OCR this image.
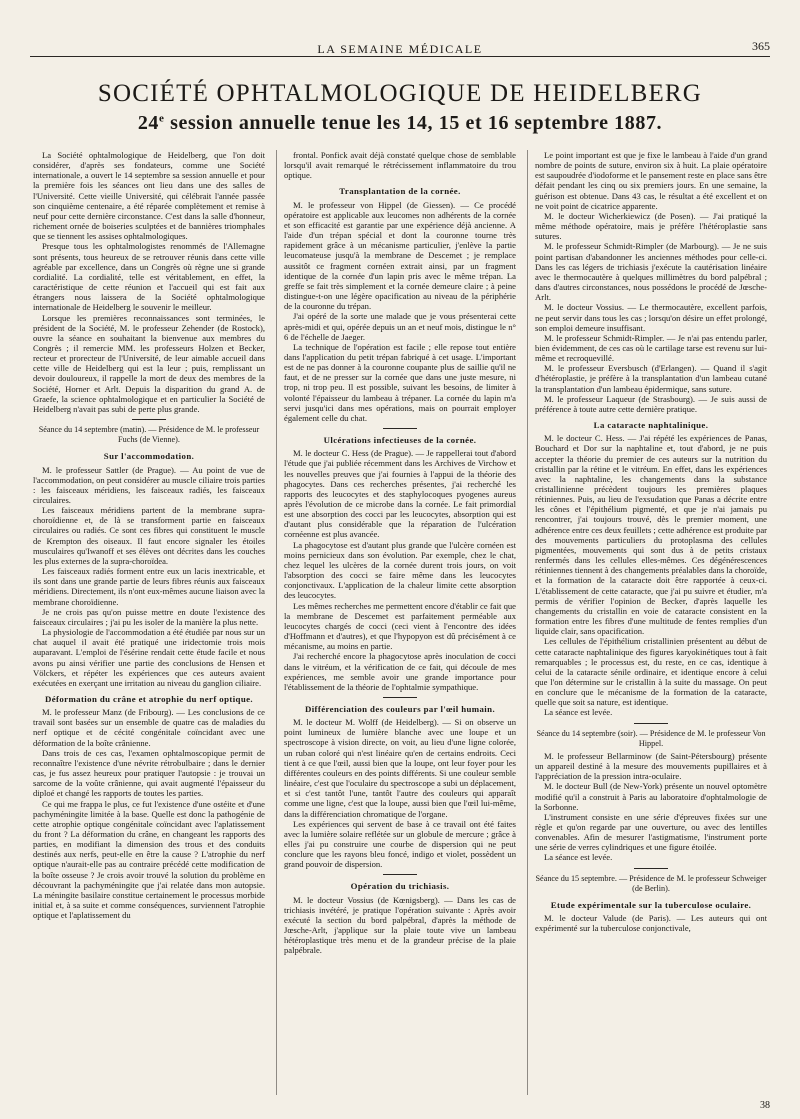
LA SEMAINE MÉDICALE	365
SOCIÉTÉ OPHTALMOLOGIQUE DE HEIDELBERG
24e session annuelle tenue les 14, 15 et 16 septembre 1887.

La Société ophtalmologique de Heidelberg, que l'on doit considérer, d'après ses fondateurs, comme une Société internationale, a ouvert le 14 septembre sa session annuelle et pour la première fois les séances ont lieu dans une des salles de l'Université. Cette vieille Université, qui célébrait l'année passée son cinquième centenaire, a été réparée complètement et remise à neuf pour cette dernière circonstance. C'est dans la salle d'honneur, richement ornée de boiseries sculptées et de bannières triomphales que se tiennent les assises ophtalmologiques.

Presque tous les ophtalmologistes renommés de l'Allemagne sont présents, tous heureux de se retrouver réunis dans cette ville agréable par excellence, dans un Congrès où règne une si grande cordialité. La cordialité, telle est véritablement, en effet, la caractéristique de cette réunion et l'accueil qui est fait aux étrangers nous laissera de la Société ophtalmologique internationale de Heidelberg le souvenir le meilleur.

Lorsque les premières reconnaissances sont terminées, le président de la Société, M. le professeur Zehender (de Rostock), ouvre la séance en souhaitant la bienvenue aux membres du Congrès ; il remercie MM. les professeurs Holzen et Becker, recteur et prorecteur de l'Université, de leur aimable accueil dans cette ville de Heidelberg qui est la leur ; puis, remplissant un devoir douloureux, il rappelle la mort de deux des membres de la Société, Horner et Arlt. Depuis la disparition du grand A. de Graefe, la science ophtalmologique et en particulier la Société de Heidelberg n'avait pas subi de perte plus grande.

Séance du 14 septembre (matin). — Présidence de M. le professeur Fuchs (de Vienne).

Sur l'accommodation.

M. le professeur Sattler (de Prague). — Au point de vue de l'accommodation, on peut considérer au muscle ciliaire trois parties : les faisceaux méridiens, les faisceaux radiés, les faisceaux circulaires.

Les faisceaux méridiens partent de la membrane supra-choroïdienne et, de là se transforment partie en faisceaux circulaires ou radiés. Ce sont ces fibres qui constituent le muscle de Krempton des oiseaux. Il faut encore signaler les étoiles musculaires qu'Iwanoff et ses élèves ont décrites dans les couches les plus externes de la supra-choroïdea.

Les faisceaux radiés forment entre eux un lacis inextricable, et ils sont dans une grande partie de leurs fibres réunis aux faisceaux méridiens. Directement, ils n'ont eux-mêmes aucune liaison avec la membrane choroïdienne.

Je ne crois pas qu'on puisse mettre en doute l'existence des faisceaux circulaires ; j'ai pu les isoler de la manière la plus nette.

La physiologie de l'accommodation a été étudiée par nous sur un chat auquel il avait été pratiqué une iridectomie trois mois auparavant. L'emploi de l'ésérine rendait cette étude facile et nous avons pu ainsi vérifier une partie des conclusions de Hensen et Völckers, et répéter les expériences que ces auteurs avaient exécutées en exerçant une irritation au niveau du ganglion ciliaire.

Déformation du crâne et atrophie du nerf optique.

M. le professeur Manz (de Fribourg). — Les conclusions de ce travail sont basées sur un ensemble de quatre cas de maladies du nerf optique et de cécité congénitale coïncidant avec une déformation de la boîte crânienne.

Dans trois de ces cas, l'examen ophtalmoscopique permit de reconnaître l'existence d'une névrite rétrobulbaire ; dans le dernier cas, je fus assez heureux pour pratiquer l'autopsie : je trouvai un sarcome de la voûte crânienne, qui avait augmenté l'épaisseur du diploé et changé les rapports de toutes les parties.

Ce qui me frappa le plus, ce fut l'existence d'une ostéite et d'une pachyméningite limitée à la base. Quelle est donc la pathogénie de cette atrophie optique congénitale coïncidant avec l'aplatissement du front ? La déformation du crâne, en changeant les rapports des parties, en modifiant la dimension des trous et des conduits destinés aux nerfs, peut-elle en être la cause ? L'atrophie du nerf optique n'aurait-elle pas au contraire précédé cette modification de la boîte osseuse ? Je crois avoir trouvé la solution du problème en découvrant la pachyméningite que j'ai relatée dans mon autopsie. La méningite basilaire constitue certainement le processus morbide initial et, à sa suite et comme conséquences, surviennent l'atrophie optique et l'aplatissement du

frontal. Ponfick avait déjà constaté quelque chose de semblable lorsqu'il avait remarqué le rétrécissement inflammatoire du trou optique.

Transplantation de la cornée.

M. le professeur von Hippel (de Giessen). — Ce procédé opératoire est applicable aux leucomes non adhérents de la cornée et son efficacité est garantie par une expérience déjà ancienne. A l'aide d'un trépan spécial et dont la couronne tourne très rapidement grâce à un mécanisme particulier, j'enlève la partie leucomateuse jusqu'à la membrane de Descemet ; je remplace aussitôt ce fragment cornéen extrait ainsi, par un fragment identique de la cornée d'un lapin pris avec le même trépan. La greffe se fait très simplement et la cornée demeure claire ; à peine distingue-t-on une légère opacification au niveau de la périphérie de la couronne du trépan.

J'ai opéré de la sorte une malade que je vous présenterai cette après-midi et qui, opérée depuis un an et neuf mois, distingue le n° 6 de l'échelle de Jaeger.

La technique de l'opération est facile ; elle repose tout entière dans l'application du petit trépan fabriqué à cet usage. L'important est de ne pas donner à la couronne coupante plus de saillie qu'il ne faut, et de ne presser sur la cornée que dans une juste mesure, ni trop, ni trop peu. Il est possible, suivant les besoins, de limiter à volonté l'épaisseur du lambeau à trépaner. La cornée du lapin m'a servi jusqu'ici dans mes opérations, mais on pourrait employer également celle du chat.

Ulcérations infectieuses de la cornée.

M. le docteur C. Hess (de Prague). — Je rappellerai tout d'abord l'étude que j'ai publiée récemment dans les Archives de Virchow et les nouvelles preuves que j'ai fournies à l'appui de la théorie des phagocytes. Dans ces recherches présentes, j'ai recherché les rapports des leucocytes et des staphylocoques pyogenes aureus après l'évolution de ce microbe dans la cornée. Le fait primordial est une absorption des cocci par les leucocytes, absorption qui est d'autant plus considérable que la réparation de l'ulcération cornéenne est plus avancée.

La phagocytose est d'autant plus grande que l'ulcère cornéen est moins pernicieux dans son évolution. Par exemple, chez le chat, chez lequel les ulcères de la cornée durent trois jours, on voit l'absorption des cocci se faire même dans les leucocytes conjonctivaux. L'application de la chaleur limite cette absorption des leucocytes.

Les mêmes recherches me permettent encore d'établir ce fait que la membrane de Descemet est parfaitement perméable aux leucocytes chargés de cocci (ceci vient à l'encontre des idées d'Hoffmann et d'autres), et que l'hypopyon est dû précisément à ce mécanisme, au moins en partie.

J'ai recherché encore la phagocytose après inoculation de cocci dans le vitréum, et la vérification de ce fait, qui découle de mes expériences, me semble avoir une grande importance pour l'établissement de la théorie de l'ophtalmie sympathique.

Différenciation des couleurs par l'œil humain.

M. le docteur M. Wolff (de Heidelberg). — Si on observe un point lumineux de lumière blanche avec une loupe et un spectroscope à vision directe, on voit, au lieu d'une ligne colorée, un ruban coloré qui n'est linéaire qu'en de certains endroits. Ceci tient à ce que l'œil, aussi bien que la loupe, ont leur foyer pour les différentes couleurs en des points différents. Si une couleur semble linéaire, c'est que l'oculaire du spectroscope a subi un déplacement, et si c'est tantôt l'une, tantôt l'autre des couleurs qui apparaît comme une ligne, c'est que la loupe, aussi bien que l'œil lui-même, dans la différenciation chromatique de l'organe.

Les expériences qui servent de base à ce travail ont été faites avec la lumière solaire reflétée sur un globule de mercure ; grâce à elles j'ai pu construire une courbe de dispersion qui ne peut conclure que les rayons bleu foncé, indigo et violet, possèdent un grand pouvoir de dispersion.

Opération du trichiasis.

M. le docteur Vossius (de Kœnigsberg). — Dans les cas de trichiasis invétéré, je pratique l'opération suivante : Après avoir exécuté la section du bord palpébral, d'après la méthode de Jœsche-Arlt, j'applique sur la plaie toute vive un lambeau hétéroplastique très menu et de la grandeur précise de la plaie palpébrale.

Le point important est que je fixe le lambeau à l'aide d'un grand nombre de points de suture, environ six à huit. La plaie opératoire est saupoudrée d'iodoforme et le pansement reste en place sans être défait pendant les cinq ou six premiers jours. En une semaine, la guérison est obtenue. Dans 43 cas, le résultat a été excellent et on ne voit point de cicatrice apparente.

M. le docteur Wicherkiewicz (de Posen). — J'ai pratiqué la même méthode opératoire, mais je préfère l'hétéroplastie sans sutures.

M. le professeur Schmidt-Rimpler (de Marbourg). — Je ne suis point partisan d'abandonner les anciennes méthodes pour celle-ci. Dans les cas légers de trichiasis j'exécute la cautérisation linéaire avec le thermocautère à quelques millimètres du bord palpébral ; dans d'autres circonstances, nous possédons le procédé de Jœsche-Arlt.

M. le docteur Vossius. — Le thermocautère, excellent parfois, ne peut servir dans tous les cas ; lorsqu'on désire un effet prolongé, son emploi demeure insuffisant.

M. le professeur Schmidt-Rimpler. — Je n'ai pas entendu parler, bien évidemment, de ces cas où le cartilage tarse est revenu sur lui-même et recroquevillé.

M. le professeur Eversbusch (d'Erlangen). — Quand il s'agit d'hétéroplastie, je préfère à la transplantation d'un lambeau cutané la transplantation d'un lambeau épidermique, sans suture.

M. le professeur Laqueur (de Strasbourg). — Je suis aussi de préférence à toute autre cette dernière pratique.

La cataracte naphtalinique.

M. le docteur C. Hess. — J'ai répété les expériences de Panas, Bouchard et Dor sur la naphtaline et, tout d'abord, je ne puis accepter la théorie du premier de ces auteurs sur la nutrition du cristallin par la rétine et le vitréum. En effet, dans les expériences avec la naphtaline, les changements dans la substance cristallinienne précèdent toujours les premières plaques rétiniennes. Puis, au lieu de l'exsudation que Panas a décrite entre les cônes et l'épithélium pigmenté, et que je n'ai jamais pu rencontrer, j'ai toujours trouvé, dès le premier moment, une adhérence entre ces deux feuillets ; cette adhérence est produite par des mouvements particuliers du protoplasma des cellules pigmentées, mouvements qui sont dus à de petits cristaux renfermés dans les cellules elles-mêmes. Ces dégénérescences rétiniennes tiennent à des changements préalables dans la choroïde, et la formation de la cataracte doit être rapportée à ceux-ci. L'établissement de cette cataracte, que j'ai pu suivre et étudier, m'a permis de vérifier l'opinion de Becker, d'après laquelle les changements du cristallin en voie de cataracte consistent en la formation entre les fibres d'une multitude de fentes remplies d'un liquide clair, sans opacification.

Les cellules de l'épithélium cristallinien présentent au début de cette cataracte naphtalinique des figures karyokinétiques tout à fait remarquables ; le processus est, du reste, en ce cas, identique à celui de la cataracte sénile ordinaire, et identique encore à celui que l'on détermine sur le cristallin à la suite du massage. On peut en conclure que le mécanisme de la formation de la cataracte, quelle que soit sa nature, est identique.

La séance est levée.

Séance du 14 septembre (soir). — Présidence de M. le professeur Von Hippel.

M. le professeur Bellarminow (de Saint-Pétersbourg) présente un appareil destiné à la mesure des mouvements pupillaires et à l'appréciation de la pression intra-oculaire.

M. le docteur Bull (de New-York) présente un nouvel optomètre modifié qu'il a construit à Paris au laboratoire d'ophtalmologie de la Sorbonne.

L'instrument consiste en une série d'épreuves fixées sur une règle et qu'on regarde par une ouverture, ou avec des lentilles convenables. Afin de mesurer l'astigmatisme, l'instrument porte une série de verres cylindriques et une figure étoilée.

La séance est levée.

Séance du 15 septembre. — Présidence de M. le professeur Schweiger (de Berlin).

Etude expérimentale sur la tuberculose oculaire.

M. le docteur Valude (de Paris). — Les auteurs qui ont expérimenté sur la tuberculose conjonctivale,

38
